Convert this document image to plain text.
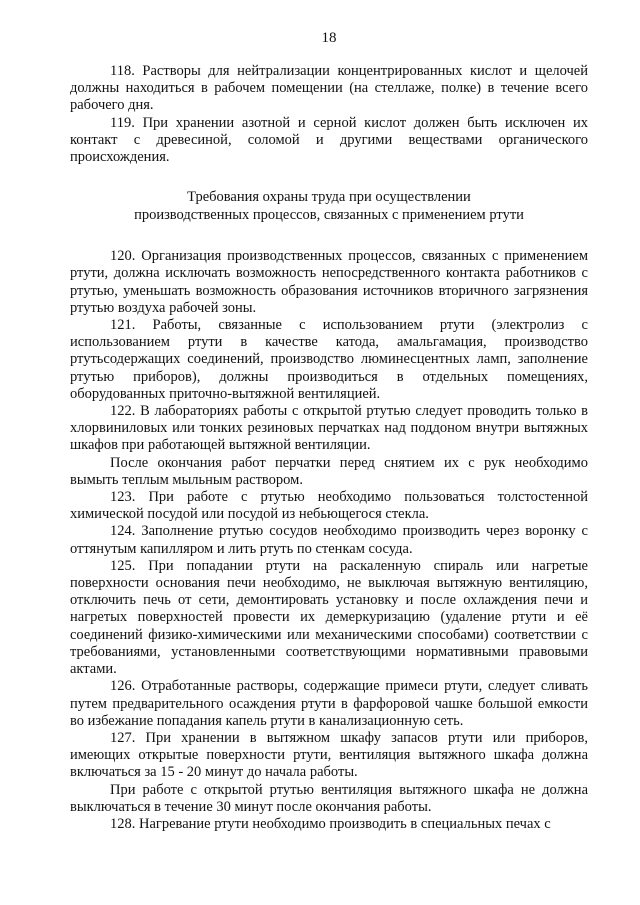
18

118. Растворы для нейтрализации концентрированных кислот и щелочей должны находиться в рабочем помещении (на стеллаже, полке) в течение всего рабочего дня.

119. При хранении азотной и серной кислот должен быть исключен их контакт с древесиной, соломой и другими веществами органического происхождения.

Требования охраны труда при осуществлении
производственных процессов, связанных с применением ртути

120. Организация производственных процессов, связанных с применением ртути, должна исключать возможность непосредственного контакта работников с ртутью, уменьшать возможность образования источников вторичного загрязнения ртутью воздуха рабочей зоны.

121. Работы, связанные с использованием ртути (электролиз с использованием ртути в качестве катода, амальгамация, производство ртутьсодержащих соединений, производство люминесцентных ламп, заполнение ртутью приборов), должны производиться в отдельных помещениях, оборудованных приточно-вытяжной вентиляцией.

122. В лабораториях работы с открытой ртутью следует проводить только в хлорвиниловых или тонких резиновых перчатках над поддоном внутри вытяжных шкафов при работающей вытяжной вентиляции.

После окончания работ перчатки перед снятием их с рук необходимо вымыть теплым мыльным раствором.

123. При работе с ртутью необходимо пользоваться толстостенной химической посудой или посудой из небьющегося стекла.

124. Заполнение ртутью сосудов необходимо производить через воронку с оттянутым капилляром и лить ртуть по стенкам сосуда.

125. При попадании ртути на раскаленную спираль или нагретые поверхности основания печи необходимо, не выключая вытяжную вентиляцию, отключить печь от сети, демонтировать установку и после охлаждения печи и нагретых поверхностей провести их демеркуризацию (удаление ртути и её соединений физико-химическими или механическими способами) соответствии с требованиями, установленными соответствующими нормативными правовыми актами.

126. Отработанные растворы, содержащие примеси ртути, следует сливать путем предварительного осаждения ртути в фарфоровой чашке большой емкости во избежание попадания капель ртути в канализационную сеть.

127. При хранении в вытяжном шкафу запасов ртути или приборов, имеющих открытые поверхности ртути, вентиляция вытяжного шкафа должна включаться за 15 - 20 минут до начала работы.

При работе с открытой ртутью вентиляция вытяжного шкафа не должна выключаться в течение 30 минут после окончания работы.

128. Нагревание ртути необходимо производить в специальных печах с
